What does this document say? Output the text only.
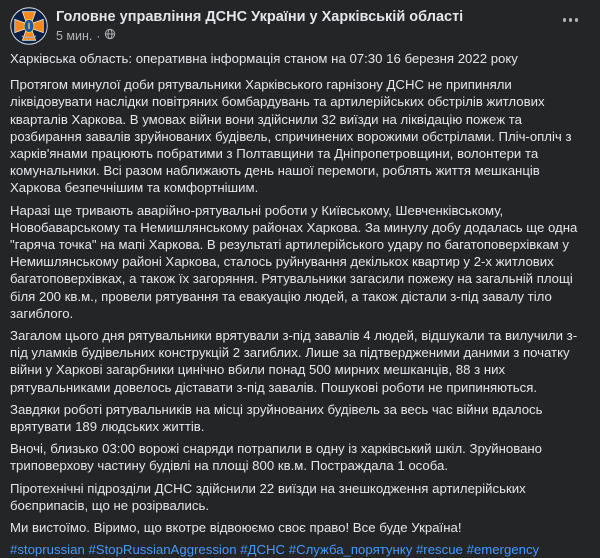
Головне управління ДСНС України у Харківській області
5 мин. ·

Харківська область: оперативна інформація станом на 07:30 16 березня 2022 року

Протягом минулої доби рятувальники Харківського гарнізону ДСНС не припиняли ліквідовувати наслідки повітряних бомбардувань та артилерійських обстрілів житлових кварталів Харкова. В умовах війни вони здійснили 32 виїзди на ліквідацію пожеж та розбирання завалів зруйнованих будівель, спричинених ворожими обстрілами. Пліч-опліч з харків'янами працюють побратими з Полтавщини та Дніпропетровщини, волонтери та комунальники. Всі разом наближають день нашої перемоги, роблять життя мешканців Харкова безпечнішим та комфортнішим.

Наразі ще тривають аварійно-рятувальні роботи у Київському, Шевченківському, Новобаварському та Немишлянському районах Харкова. За минулу добу додалась ще одна "гаряча точка" на мапі Харкова. В результаті артилерійського удару по багатоповерхівкам у Немишлянському районі Харкова, сталось руйнування декількох квартир у 2-х житлових багатоповерхівках, а також їх загоряння. Рятувальники загасили пожежу на загальній площі біля 200 кв.м., провели рятування та евакуацію людей, а також дістали з-під завалу тіло загиблого.

Загалом цього дня рятувальники врятували з-під завалів 4 людей, відшукали та вилучили з-під уламків будівельних конструкцій 2 загиблих. Лише за підтвердженими даними з початку війни у Харкові загарбники цинічно вбили понад 500 мирних мешканців, 88 з них рятувальниками довелось діставати з-під завалів. Пошукові роботи не припиняються.

Завдяки роботі рятувальників на місці зруйнованих будівель за весь час війни вдалось врятувати 189 людських життів.

Вночі, близько 03:00 ворожі снаряди потрапили в одну із харківський шкіл. Зруйновано триповерхову частину будівлі на площі 800 кв.м. Постраждала 1 особа.

Піротехнічні підрозділи ДСНС здійснили 22 виїзди на знешкодження артилерійських боєприпасів, що не розірвались.

Ми вистоїмо. Віримо, що вкотре відвоюємо своє право! Все буде Україна!

#stoprussian #StopRussianAggression #ДСНС #Служба_порятунку #rescue #emergency
